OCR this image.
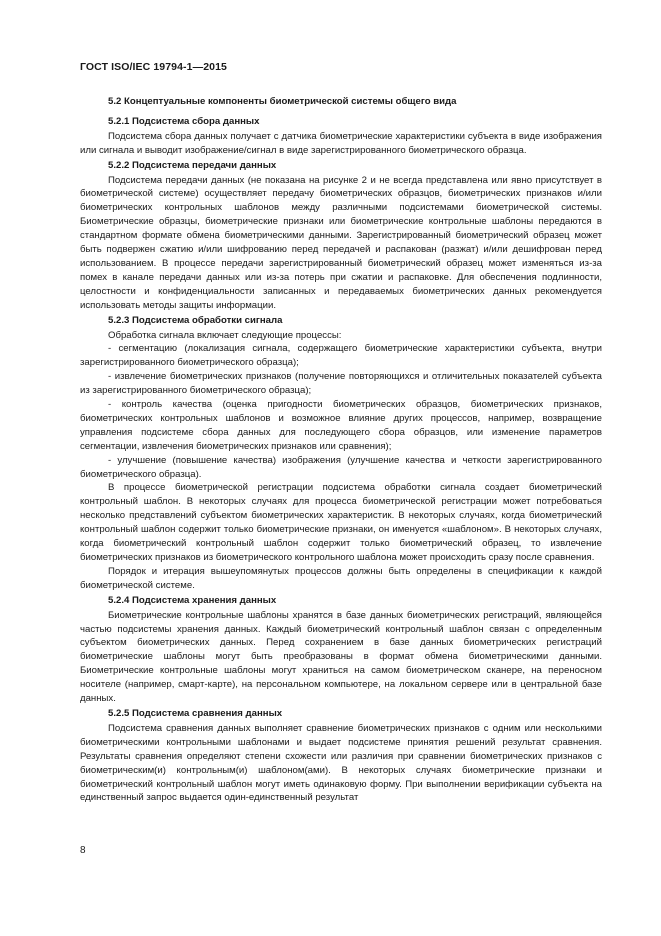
ГОСТ ISO/IEC 19794-1—2015
5.2 Концептуальные компоненты биометрической системы общего вида
5.2.1 Подсистема сбора данных

Подсистема сбора данных получает с датчика биометрические характеристики субъекта в виде изображения или сигнала и выводит изображение/сигнал в виде зарегистрированного биометрического образца.

5.2.2 Подсистема передачи данных

Подсистема передачи данных (не показана на рисунке 2 и не всегда представлена или явно присутствует в биометрической системе) осуществляет передачу биометрических образцов, биометрических признаков и/или биометрических контрольных шаблонов между различными подсистемами биометрической системы. Биометрические образцы, биометрические признаки или биометрические контрольные шаблоны передаются в стандартном формате обмена биометрическими данными. Зарегистрированный биометрический образец может быть подвержен сжатию и/или шифрованию перед передачей и распакован (разжат) и/или дешифрован перед использованием. В процессе передачи зарегистрированный биометрический образец может изменяться из-за помех в канале передачи данных или из-за потерь при сжатии и распаковке. Для обеспечения подлинности, целостности и конфиденциальности записанных и передаваемых биометрических данных рекомендуется использовать методы защиты информации.

5.2.3 Подсистема обработки сигнала

Обработка сигнала включает следующие процессы:

- сегментацию (локализация сигнала, содержащего биометрические характеристики субъекта, внутри зарегистрированного биометрического образца);

- извлечение биометрических признаков (получение повторяющихся и отличительных показателей субъекта из зарегистрированного биометрического образца);

- контроль качества (оценка пригодности биометрических образцов, биометрических признаков, биометрических контрольных шаблонов и возможное влияние других процессов, например, возвращение управления подсистеме сбора данных для последующего сбора образцов, или изменение параметров сегментации, извлечения биометрических признаков или сравнения);

- улучшение (повышение качества) изображения (улучшение качества и четкости зарегистрированного биометрического образца).

В процессе биометрической регистрации подсистема обработки сигнала создает биометрический контрольный шаблон. В некоторых случаях для процесса биометрической регистрации может потребоваться несколько представлений субъектом биометрических характеристик. В некоторых случаях, когда биометрический контрольный шаблон содержит только биометрические признаки, он именуется «шаблоном». В некоторых случаях, когда биометрический контрольный шаблон содержит только биометрический образец, то извлечение биометрических признаков из биометрического контрольного шаблона может происходить сразу после сравнения.

Порядок и итерация вышеупомянутых процессов должны быть определены в спецификации к каждой биометрической системе.

5.2.4 Подсистема хранения данных

Биометрические контрольные шаблоны хранятся в базе данных биометрических регистраций, являющейся частью подсистемы хранения данных. Каждый биометрический контрольный шаблон связан с определенным субъектом биометрических данных. Перед сохранением в базе данных биометрических регистраций биометрические шаблоны могут быть преобразованы в формат обмена биометрическими данными. Биометрические контрольные шаблоны могут храниться на самом биометрическом сканере, на переносном носителе (например, смарт-карте), на персональном компьютере, на локальном сервере или в центральной базе данных.

5.2.5 Подсистема сравнения данных

Подсистема сравнения данных выполняет сравнение биометрических признаков с одним или несколькими биометрическими контрольными шаблонами и выдает подсистеме принятия решений результат сравнения. Результаты сравнения определяют степени схожести или различия при сравнении биометрических признаков с биометрическим(и) контрольным(и) шаблоном(ами). В некоторых случаях биометрические признаки и биометрический контрольный шаблон могут иметь одинаковую форму. При выполнении верификации субъекта на единственный запрос выдается один-единственный результат

8
